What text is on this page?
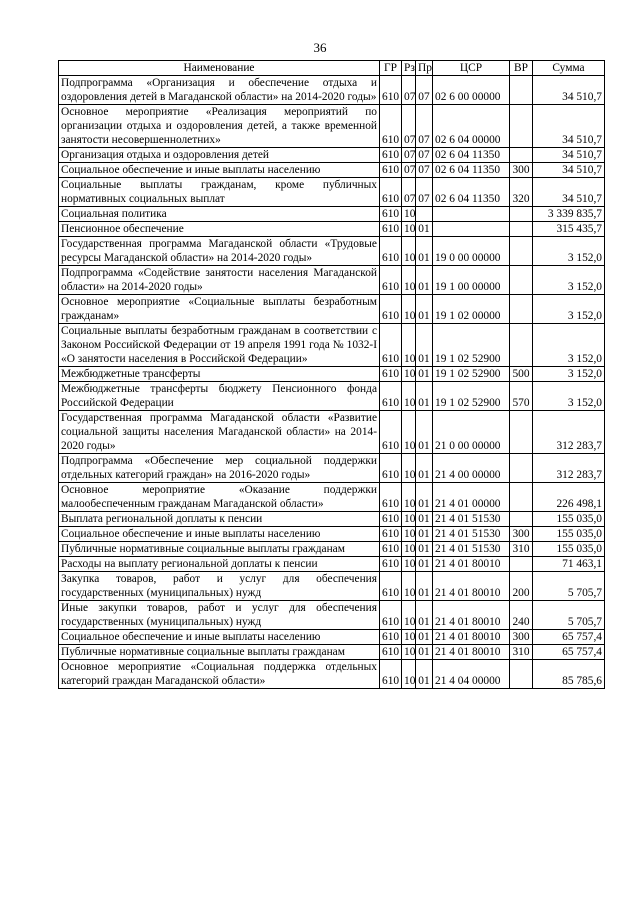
36
Наименование	ГР	Рз	Пр	ЦСР	ВР	Сумма
Подпрограмма «Организация и обеспечение отдыха и оздоровления детей в Магаданской области» на 2014-2020 годы»	610	07	07	02 6 00 00000		34 510,7
Основное мероприятие «Реализация мероприятий по организации отдыха и оздоровления детей, а также временной занятости несовершеннолетних»	610	07	07	02 6 04 00000		34 510,7
Организация отдыха и оздоровления детей	610	07	07	02 6 04 11350		34 510,7
Социальное обеспечение и иные выплаты населению	610	07	07	02 6 04 11350	300	34 510,7
Социальные выплаты гражданам, кроме публичных нормативных социальных выплат	610	07	07	02 6 04 11350	320	34 510,7
Социальная политика	610	10				3 339 835,7
Пенсионное обеспечение	610	10	01			315 435,7
Государственная программа Магаданской области «Трудовые ресурсы Магаданской области» на 2014-2020 годы»	610	10	01	19 0 00 00000		3 152,0
Подпрограмма «Содействие занятости населения Магаданской области» на 2014-2020 годы»	610	10	01	19 1 00 00000		3 152,0
Основное мероприятие «Социальные выплаты безработным гражданам»	610	10	01	19 1 02 00000		3 152,0
Социальные выплаты безработным гражданам в соответствии с Законом Российской Федерации от 19 апреля 1991 года № 1032-I «О занятости населения в Российской Федерации»	610	10	01	19 1 02 52900		3 152,0
Межбюджетные трансферты	610	10	01	19 1 02 52900	500	3 152,0
Межбюджетные трансферты бюджету Пенсионного фонда Российской Федерации	610	10	01	19 1 02 52900	570	3 152,0
Государственная программа Магаданской области «Развитие социальной защиты населения Магаданской области» на 2014-2020 годы»	610	10	01	21 0 00 00000		312 283,7
Подпрограмма «Обеспечение мер социальной поддержки отдельных категорий граждан» на 2016-2020 годы»	610	10	01	21 4 00 00000		312 283,7
Основное мероприятие «Оказание поддержки малообеспеченным гражданам Магаданской области»	610	10	01	21 4 01 00000		226 498,1
Выплата региональной доплаты к пенсии	610	10	01	21 4 01 51530		155 035,0
Социальное обеспечение и иные выплаты населению	610	10	01	21 4 01 51530	300	155 035,0
Публичные нормативные социальные выплаты гражданам	610	10	01	21 4 01 51530	310	155 035,0
Расходы на выплату региональной доплаты к пенсии	610	10	01	21 4 01 80010		71 463,1
Закупка товаров, работ и услуг для обеспечения государственных (муниципальных) нужд	610	10	01	21 4 01 80010	200	5 705,7
Иные закупки товаров, работ и услуг для обеспечения государственных (муниципальных) нужд	610	10	01	21 4 01 80010	240	5 705,7
Социальное обеспечение и иные выплаты населению	610	10	01	21 4 01 80010	300	65 757,4
Публичные нормативные социальные выплаты гражданам	610	10	01	21 4 01 80010	310	65 757,4
Основное мероприятие «Социальная поддержка отдельных категорий граждан Магаданской области»	610	10	01	21 4 04 00000		85 785,6
